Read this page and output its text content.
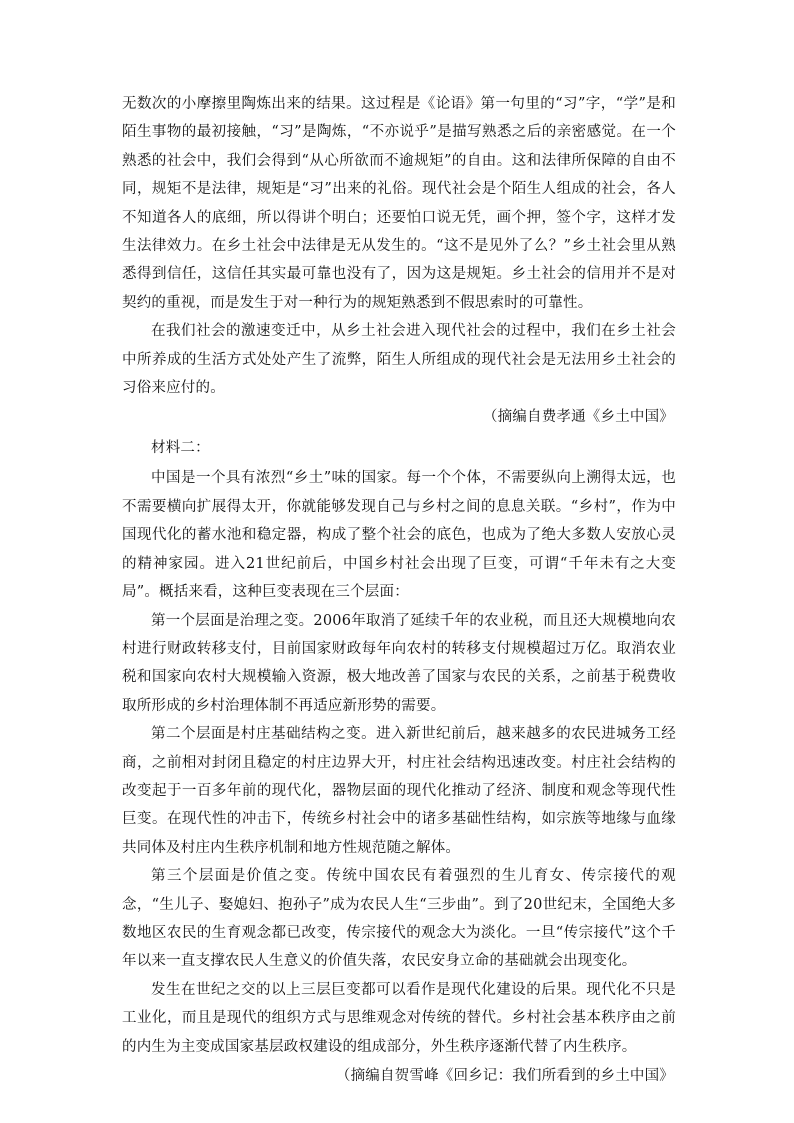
无数次的小摩擦里陶炼出来的结果。这过程是《论语》第一句里的“习”字，“学”是和陌生事物的最初接触，“习”是陶炼，“不亦说乎”是描写熟悉之后的亲密感觉。在一个熟悉的社会中，我们会得到“从心所欲而不逾规矩”的自由。这和法律所保障的自由不同，规矩不是法律，规矩是“习”出来的礼俗。现代社会是个陌生人组成的社会，各人不知道各人的底细，所以得讲个明白；还要怕口说无凭，画个押，签个字，这样才发生法律效力。在乡土社会中法律是无从发生的。“这不是见外了么？”乡土社会里从熟悉得到信任，这信任其实最可靠也没有了，因为这是规矩。乡土社会的信用并不是对契约的重视，而是发生于对一种行为的规矩熟悉到不假思索时的可靠性。

在我们社会的激速变迁中，从乡土社会进入现代社会的过程中，我们在乡土社会中所养成的生活方式处处产生了流弊，陌生人所组成的现代社会是无法用乡土社会的习俗来应付的。

（摘编自费孝通《乡土中国》

材料二：

中国是一个具有浓烈“乡土”味的国家。每一个个体，不需要纵向上溯得太远，也不需要横向扩展得太开，你就能够发现自己与乡村之间的息息关联。“乡村”，作为中国现代化的蓄水池和稳定器，构成了整个社会的底色，也成为了绝大多数人安放心灵的精神家园。进入21世纪前后，中国乡村社会出现了巨变，可谓“千年未有之大变局”。概括来看，这种巨变表现在三个层面：

第一个层面是治理之变。2006年取消了延续千年的农业税，而且还大规模地向农村进行财政转移支付，目前国家财政每年向农村的转移支付规模超过万亿。取消农业税和国家向农村大规模输入资源，极大地改善了国家与农民的关系，之前基于税费收取所形成的乡村治理体制不再适应新形势的需要。

第二个层面是村庄基础结构之变。进入新世纪前后，越来越多的农民进城务工经商，之前相对封闭且稳定的村庄边界大开，村庄社会结构迅速改变。村庄社会结构的改变起于一百多年前的现代化，器物层面的现代化推动了经济、制度和观念等现代性巨变。在现代性的冲击下，传统乡村社会中的诸多基础性结构，如宗族等地缘与血缘共同体及村庄内生秩序机制和地方性规范随之解体。

第三个层面是价值之变。传统中国农民有着强烈的生儿育女、传宗接代的观念，“生儿子、娶媳妇、抱孙子”成为农民人生“三步曲”。到了20世纪末，全国绝大多数地区农民的生育观念都已改变，传宗接代的观念大为淡化。一旦“传宗接代”这个千年以来一直支撑农民人生意义的价值失落，农民安身立命的基础就会出现变化。

发生在世纪之交的以上三层巨变都可以看作是现代化建设的后果。现代化不只是工业化，而且是现代的组织方式与思维观念对传统的替代。乡村社会基本秩序由之前的内生为主变成国家基层政权建设的组成部分，外生秩序逐渐代替了内生秩序。

（摘编自贺雪峰《回乡记：我们所看到的乡土中国》
